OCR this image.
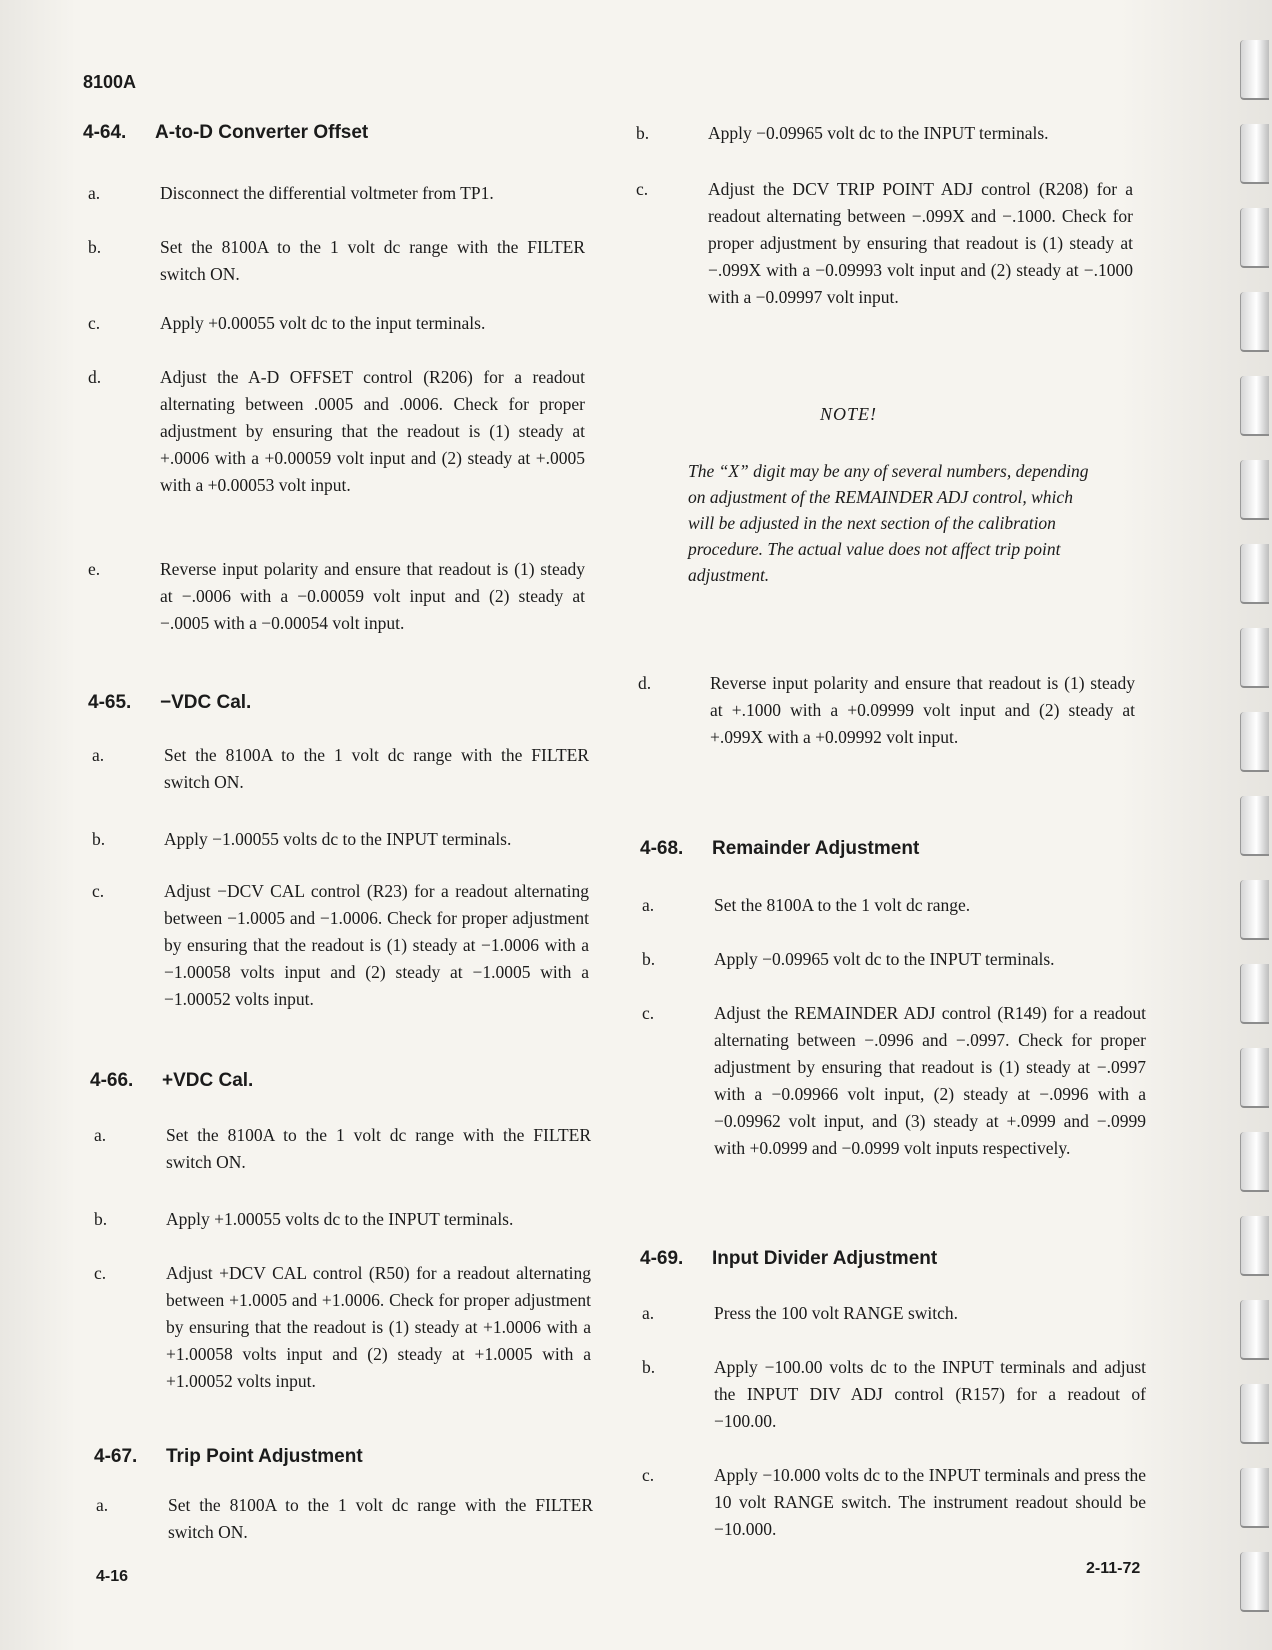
8100A
4-64. A-to-D Converter Offset
a.	Disconnect the differential voltmeter from TP1.
b.	Set the 8100A to the 1 volt dc range with the FILTER switch ON.
c.	Apply +0.00055 volt dc to the input terminals.
d.	Adjust the A-D OFFSET control (R206) for a readout alternating between .0005 and .0006. Check for proper adjustment by ensuring that the readout is (1) steady at +.0006 with a +0.00059 volt input and (2) steady at +.0005 with a +0.00053 volt input.
e.	Reverse input polarity and ensure that readout is (1) steady at −.0006 with a −0.00059 volt input and (2) steady at −.0005 with a −0.00054 volt input.
4-65. −VDC Cal.
a.	Set the 8100A to the 1 volt dc range with the FILTER switch ON.
b.	Apply −1.00055 volts dc to the INPUT terminals.
c.	Adjust −DCV CAL control (R23) for a readout alternating between −1.0005 and −1.0006. Check for proper adjustment by ensuring that the readout is (1) steady at −1.0006 with a −1.00058 volts input and (2) steady at −1.0005 with a −1.00052 volts input.
4-66. +VDC Cal.
a.	Set the 8100A to the 1 volt dc range with the FILTER switch ON.
b.	Apply +1.00055 volts dc to the INPUT terminals.
c.	Adjust +DCV CAL control (R50) for a readout alternating between +1.0005 and +1.0006. Check for proper adjustment by ensuring that the readout is (1) steady at +1.0006 with a +1.00058 volts input and (2) steady at +1.0005 with a +1.00052 volts input.
4-67. Trip Point Adjustment
a.	Set the 8100A to the 1 volt dc range with the FILTER switch ON.
b.	Apply −0.09965 volt dc to the INPUT terminals.
c.	Adjust the DCV TRIP POINT ADJ control (R208) for a readout alternating between −.099X and −.1000. Check for proper adjustment by ensuring that readout is (1) steady at −.099X with a −0.09993 volt input and (2) steady at −.1000 with a −0.09997 volt input.
NOTE!
The “X” digit may be any of several numbers, depending on adjustment of the REMAINDER ADJ control, which will be adjusted in the next section of the calibration procedure. The actual value does not affect trip point adjustment.
d.	Reverse input polarity and ensure that readout is (1) steady at +.1000 with a +0.09999 volt input and (2) steady at +.099X with a +0.09992 volt input.
4-68. Remainder Adjustment
a.	Set the 8100A to the 1 volt dc range.
b.	Apply −0.09965 volt dc to the INPUT terminals.
c.	Adjust the REMAINDER ADJ control (R149) for a readout alternating between −.0996 and −.0997. Check for proper adjustment by ensuring that readout is (1) steady at −.0997 with a −0.09966 volt input, (2) steady at −.0996 with a −0.09962 volt input, and (3) steady at +.0999 and −.0999 with +0.0999 and −0.0999 volt inputs respectively.
4-69. Input Divider Adjustment
a.	Press the 100 volt RANGE switch.
b.	Apply −100.00 volts dc to the INPUT terminals and adjust the INPUT DIV ADJ control (R157) for a readout of −100.00.
c.	Apply −10.000 volts dc to the INPUT terminals and press the 10 volt RANGE switch. The instrument readout should be −10.000.
4-16	2-11-72
